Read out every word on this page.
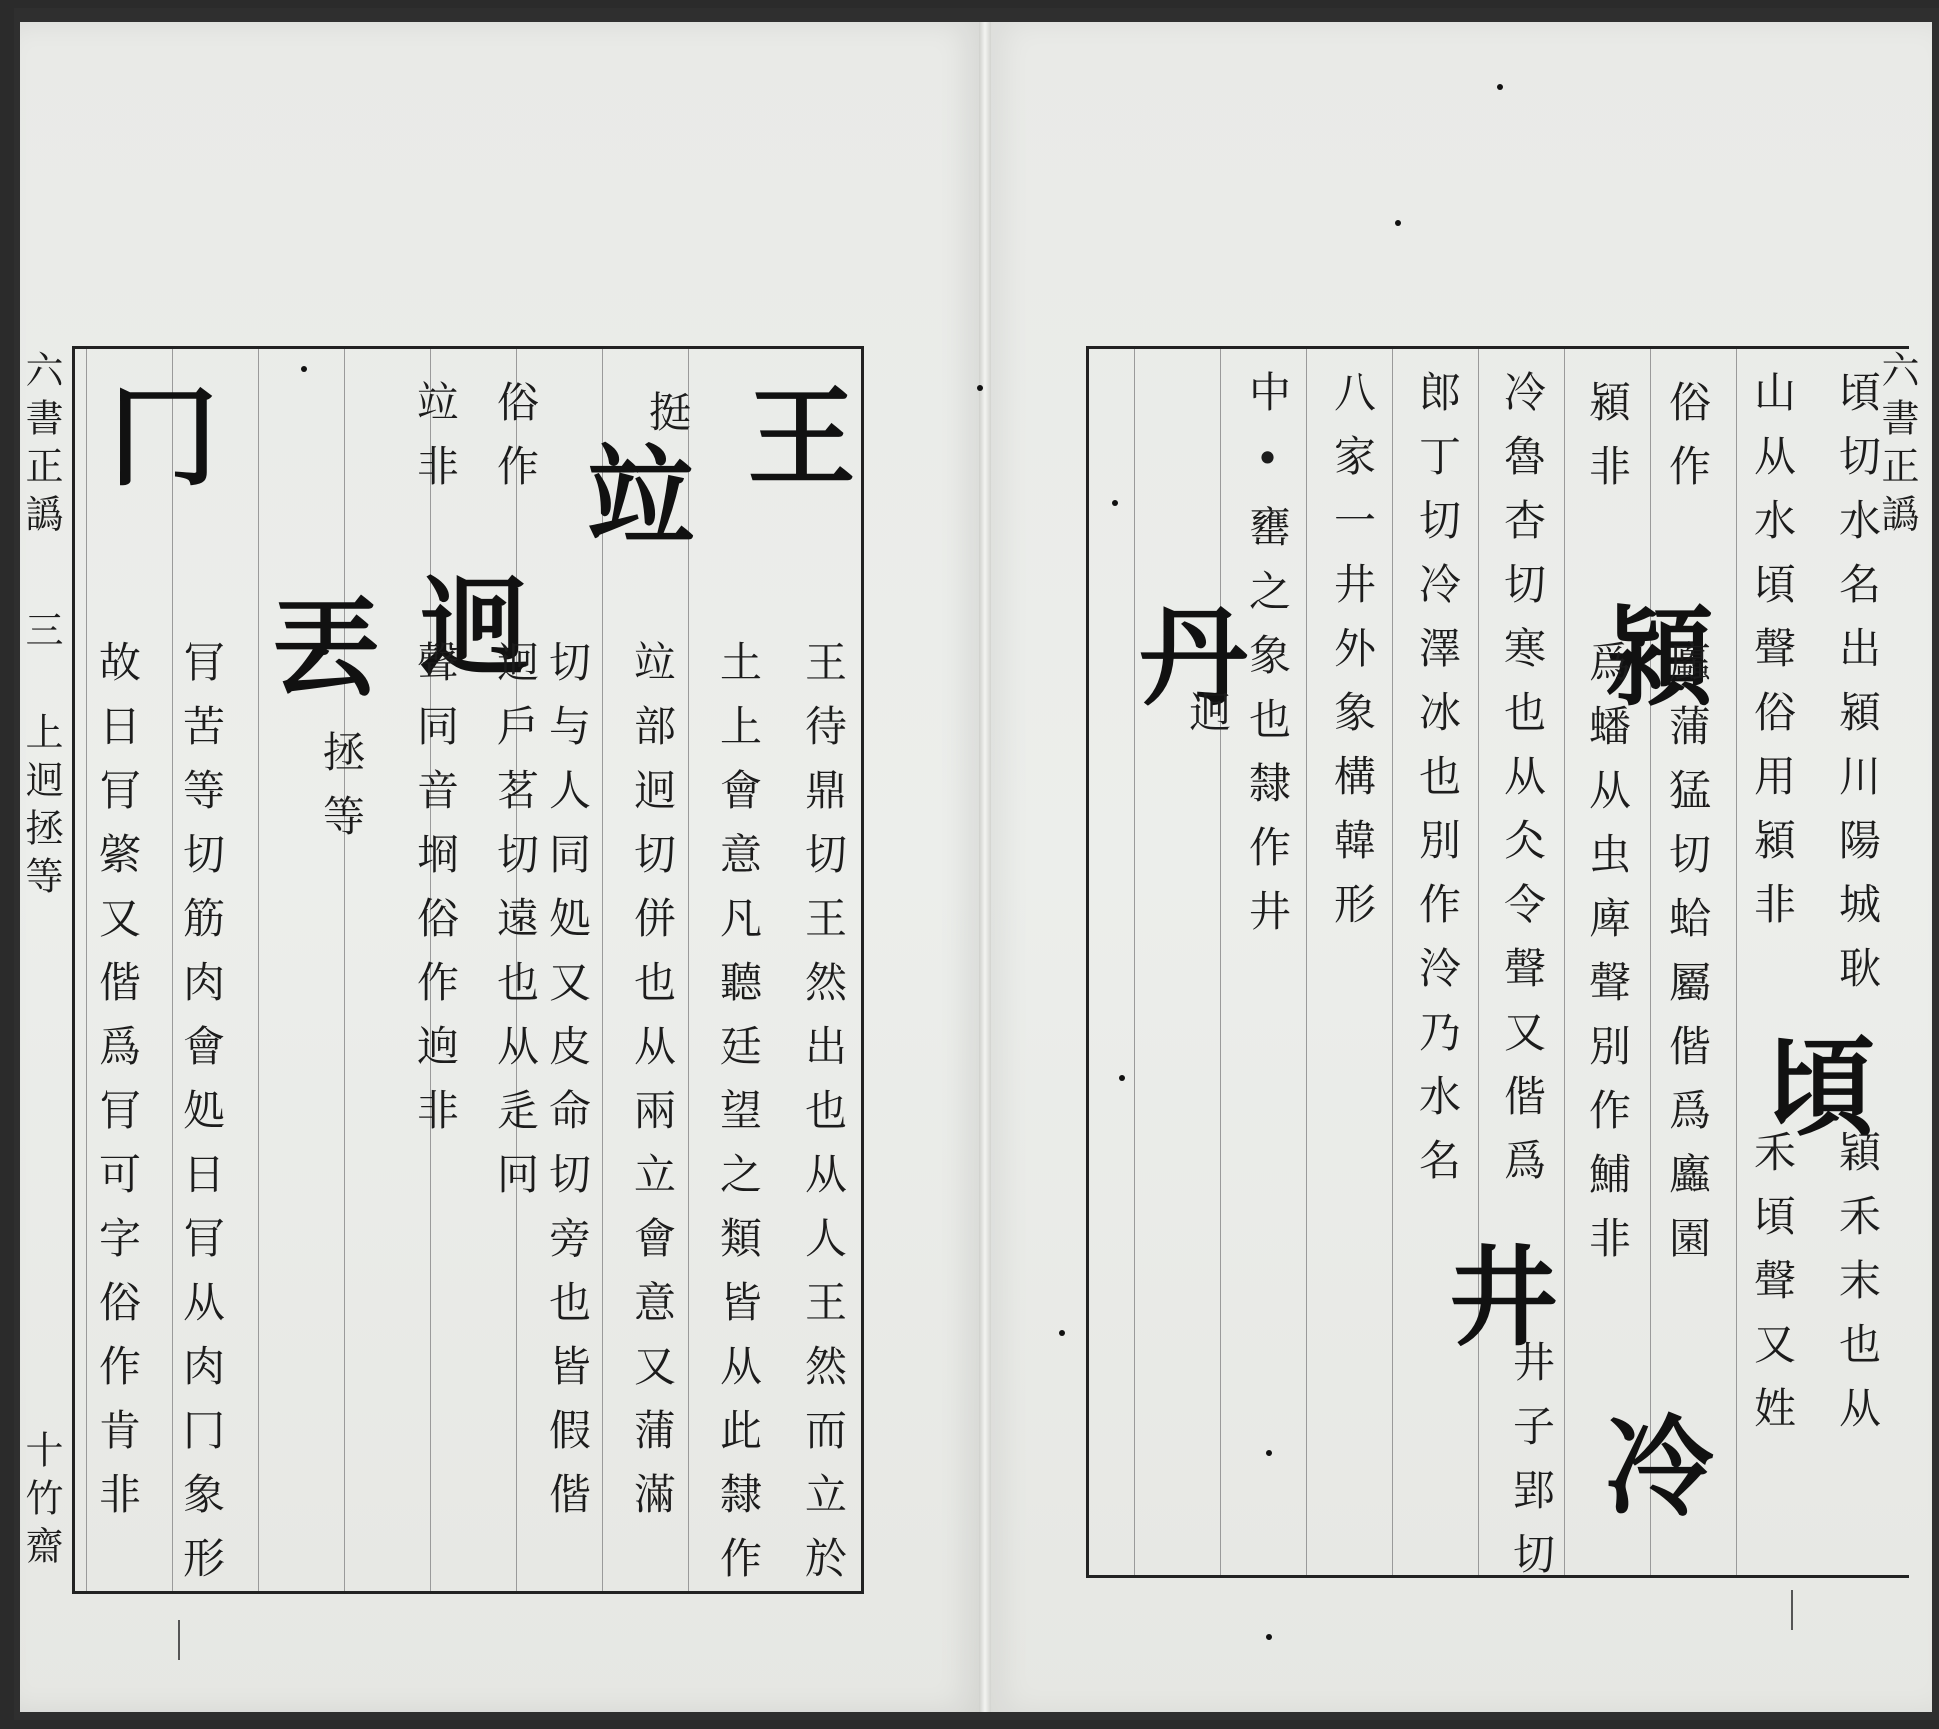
六書正譌
三 上迥拯等
十竹齋
王
竝
迥
丟
冂
王待鼎切王然出也从人王然而立於
土上會意凡聽廷望之類皆从此隸作
挺
竝部迥切併也从兩立會意又蒲滿
切与人同処又皮命切旁也皆假偕
俗作
竝非
迥戶茗切遠也从辵冋
聲同音埛俗作逈非
拯等
肎苦等切筋肉會処日肎从肉冂象形
故日肎綮又偕爲肎可字俗作肯非
六書正譌
頃
潁
冷
井
丹	頃切水名出潁川陽城耿
山从水頃聲俗用潁非
穎禾末也从
禾頃聲又姓
俗作
潁非
蠯蒲猛切蛤屬偕爲蠯園
爲蟠从虫庳聲別作鯆非
冷魯杏切寒也从仌令聲又偕爲
郎丁切冷澤冰也別作泠乃水名
井子郢切
八家一井外象構韓形
中•罋之象也隸作井
迥
